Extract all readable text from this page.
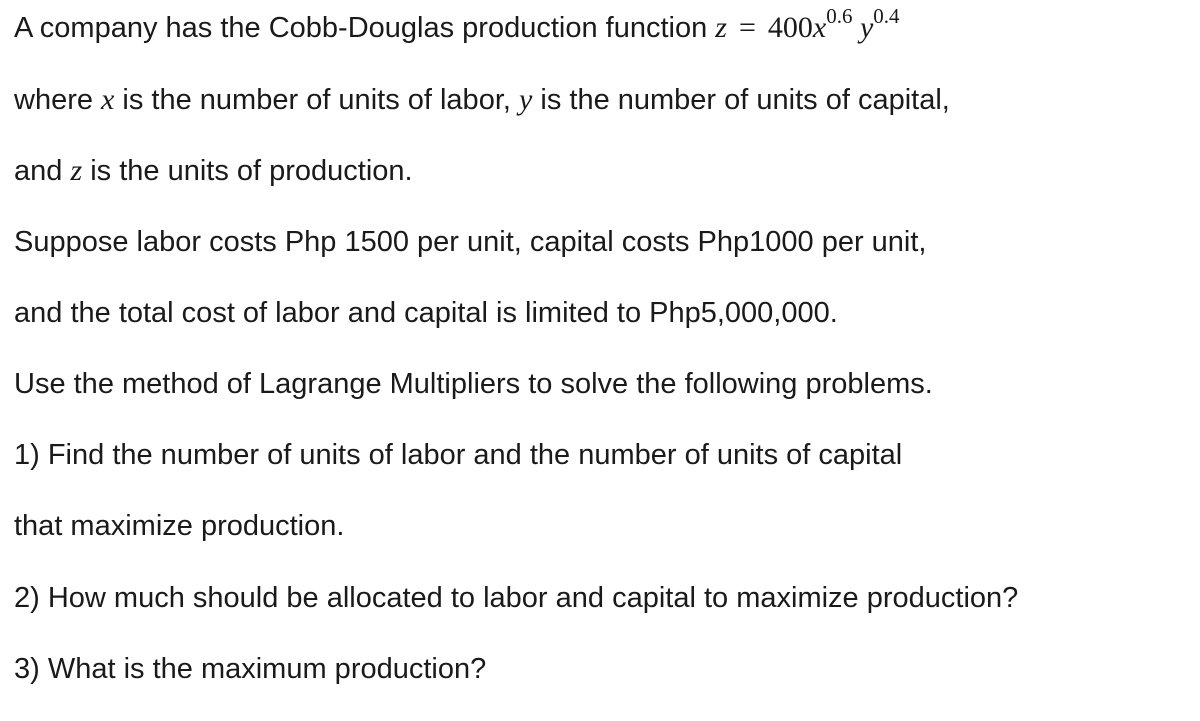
A company has the Cobb-Douglas production function $z = 400x^{0.6}$ $y^{0.4}$
where x is the number of units of labor, y is the number of units of capital,
and z is the units of production.
Suppose labor costs Php 1500 per unit, capital costs Php1000 per unit,
and the total cost of labor and capital is limited to Php5,000,000.
Use the method of Lagrange Multipliers to solve the following problems.
1) Find the number of units of labor and the number of units of capital
that maximize production.
2) How much should be allocated to labor and capital to maximize production?
3) What is the maximum production?
